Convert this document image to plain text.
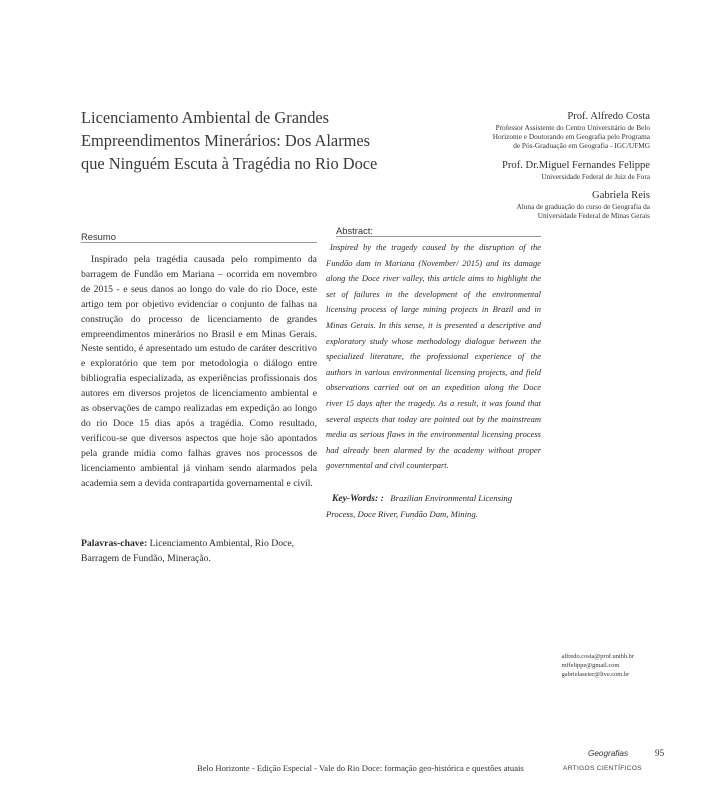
Licenciamento Ambiental de Grandes Empreendimentos Minerários: Dos Alarmes que Ninguém Escuta à Tragédia no Rio Doce
Prof. Alfredo Costa
Professor Assistente do Centro Universitário de Belo
Horizonte e Doutorando em Geografia pelo Programa
de Pós-Graduação em Geografia - IGC/UFMG
Prof. Dr.Miguel Fernandes Felippe
Universidade Federal de Juiz de Fora
Gabriela Reis
Aluna de graduação do curso de Geografia da
Universidade Federal de Minas Gerais
Resumo

Inspirado pela tragédia causada pelo rompimento da barragem de Fundão em Mariana – ocorrida em novembro de 2015 - e seus danos ao longo do vale do rio Doce, este artigo tem por objetivo evidenciar o conjunto de falhas na construção do processo de licenciamento de grandes empreendimentos minerários no Brasil e em Minas Gerais. Neste sentido, é apresentado um estudo de caráter descritivo e exploratório que tem por metodologia o diálogo entre bibliografia especializada, as experiências profissionais dos autores em diversos projetos de licenciamento ambiental e as observações de campo realizadas em expedição ao longo do rio Doce 15 dias após a tragédia. Como resultado, verificou-se que diversos aspectos que hoje são apontados pela grande mídia como falhas graves nos processos de licenciamento ambiental já vinham sendo alarmados pela academia sem a devida contrapartida governamental e civil.

Palavras-chave: Licenciamento Ambiental, Rio Doce, Barragem de Fundão, Mineração.

Abstract:

Inspired by the tragedy caused by the disruption of the Fundão dam in Mariana (November/ 2015) and its damage along the Doce river valley, this article aims to highlight the set of failures in the development of the environmental licensing process of large mining projects in Brazil and in Minas Gerais. In this sense, it is presented a descriptive and exploratory study whose methodology dialogue between the specialized literature, the professional experience of the authors in various environmental licensing projects, and field observations carried out on an expedition along the Doce river 15 days after the tragedy. As a result, it was found that several aspects that today are pointed out by the mainstream media as serious flaws in the environmental licensing process had already been alarmed by the academy without proper governmental and civil counterpart.

Key-Words: : Brazilian Environmental Licensing Process, Doce River, Fundão Dam, Mining.

alfredo.costa@prof.unibh.br
mffelippe@gmail.com
gabrielaseier@live.com.br
Geografias	95
Belo Horizonte - Edição Especial - Vale do Rio Doce: formação geo-histórica e questões atuais	ARTIGOS CIENTÍFICOS
